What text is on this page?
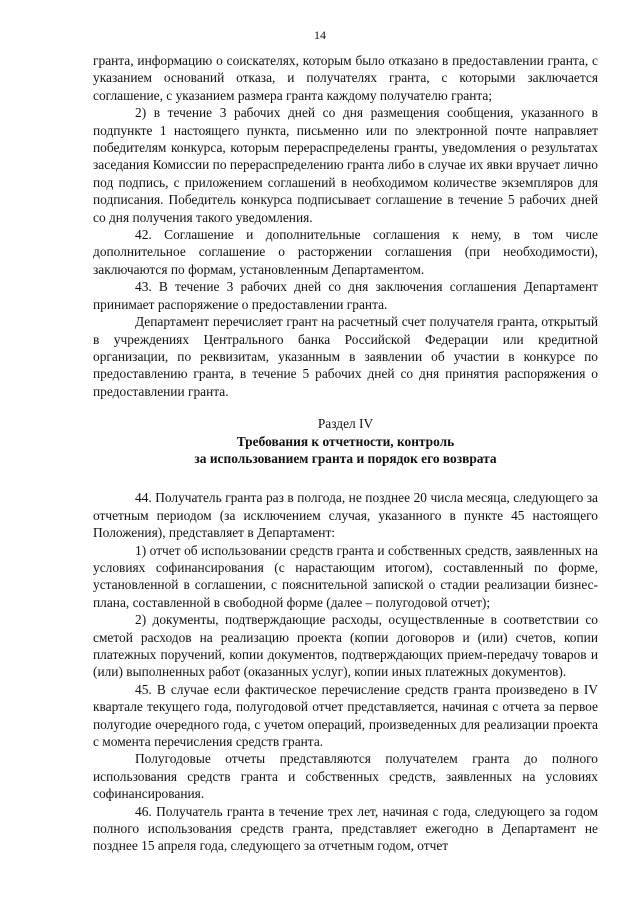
14

гранта, информацию о соискателях, которым было отказано в предоставлении гранта, с указанием оснований отказа, и получателях гранта, с которыми заключается соглашение, с указанием размера гранта каждому получателю гранта;

2) в течение 3 рабочих дней со дня размещения сообщения, указанного в подпункте 1 настоящего пункта, письменно или по электронной почте направляет победителям конкурса, которым перераспределены гранты, уведомления о результатах заседания Комиссии по перераспределению гранта либо в случае их явки вручает лично под подпись, с приложением соглашений в необходимом количестве экземпляров для подписания. Победитель конкурса подписывает соглашение в течение 5 рабочих дней со дня получения такого уведомления.

42. Соглашение и дополнительные соглашения к нему, в том числе дополнительное соглашение о расторжении соглашения (при необходимости), заключаются по формам, установленным Департаментом.

43. В течение 3 рабочих дней со дня заключения соглашения Департамент принимает распоряжение о предоставлении гранта.

Департамент перечисляет грант на расчетный счет получателя гранта, открытый в учреждениях Центрального банка Российской Федерации или кредитной организации, по реквизитам, указанным в заявлении об участии в конкурсе по предоставлению гранта, в течение 5 рабочих дней со дня принятия распоряжения о предоставлении гранта.

Раздел IV
Требования к отчетности, контроль
за использованием гранта и порядок его возврата

44. Получатель гранта раз в полгода, не позднее 20 числа месяца, следующего за отчетным периодом (за исключением случая, указанного в пункте 45 настоящего Положения), представляет в Департамент:

1) отчет об использовании средств гранта и собственных средств, заявленных на условиях софинансирования (с нарастающим итогом), составленный по форме, установленной в соглашении, с пояснительной запиской о стадии реализации бизнес-плана, составленной в свободной форме (далее – полугодовой отчет);

2) документы, подтверждающие расходы, осуществленные в соответствии со сметой расходов на реализацию проекта (копии договоров и (или) счетов, копии платежных поручений, копии документов, подтверждающих прием-передачу товаров и (или) выполненных работ (оказанных услуг), копии иных платежных документов).

45. В случае если фактическое перечисление средств гранта произведено в IV квартале текущего года, полугодовой отчет представляется, начиная с отчета за первое полугодие очередного года, с учетом операций, произведенных для реализации проекта с момента перечисления средств гранта.

Полугодовые отчеты представляются получателем гранта до полного использования средств гранта и собственных средств, заявленных на условиях софинансирования.

46. Получатель гранта в течение трех лет, начиная с года, следующего за годом полного использования средств гранта, представляет ежегодно в Департамент не позднее 15 апреля года, следующего за отчетным годом, отчет
